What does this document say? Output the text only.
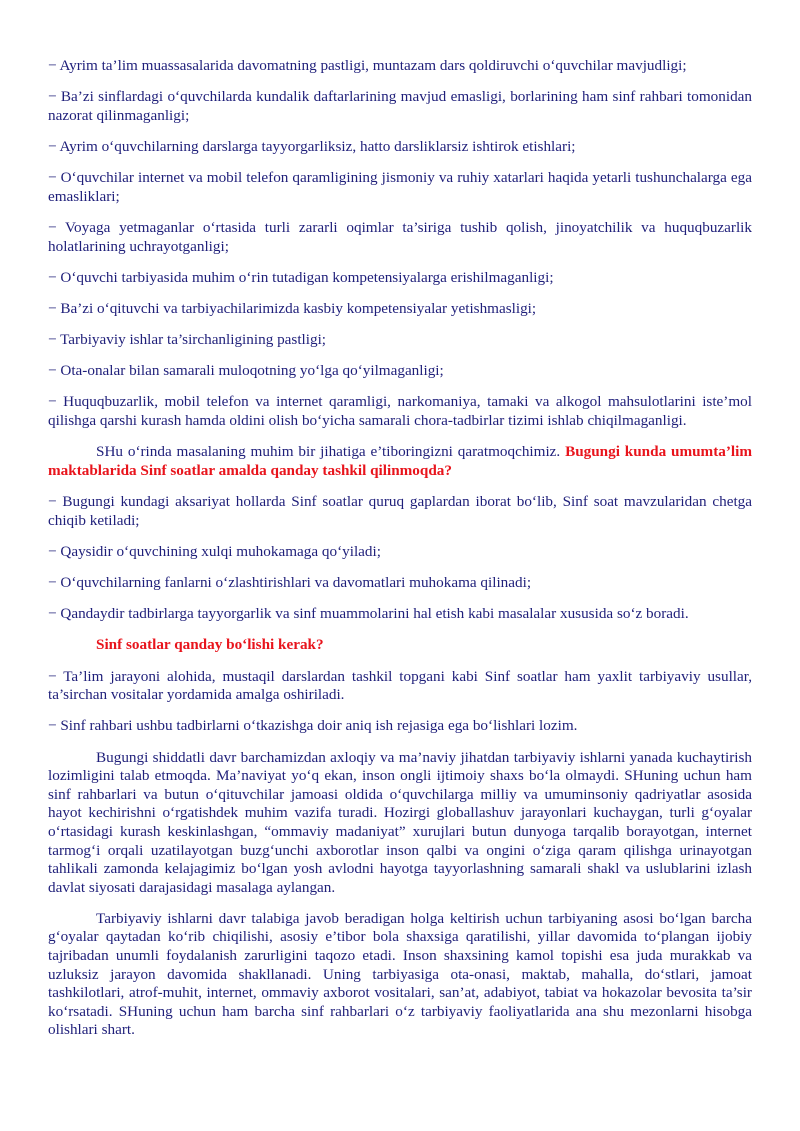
− Ayrim ta’lim muassasalarida davomatning pastligi, muntazam dars qoldiruvchi o‘quvchilar mavjudligi;

− Ba’zi sinflardagi o‘quvchilarda kundalik daftarlarining mavjud emasligi, borlarining ham sinf rahbari tomonidan nazorat qilinmaganligi;

− Ayrim o‘quvchilarning darslarga tayyorgarliksiz, hatto darsliklarsiz ishtirok etishlari;

− O‘quvchilar internet va mobil telefon qaramligining jismoniy va ruhiy xatarlari haqida yetarli tushunchalarga ega emasliklari;

− Voyaga yetmaganlar o‘rtasida turli zararli oqimlar ta’siriga tushib qolish, jinoyatchilik va huquqbuzarlik holatlarining uchrayotganligi;

− O‘quvchi tarbiyasida muhim o‘rin tutadigan kompetensiyalarga erishilmaganligi;

− Ba’zi o‘qituvchi va tarbiyachilarimizda kasbiy kompetensiyalar yetishmasligi;

− Tarbiyaviy ishlar ta’sirchanligining pastligi;

− Ota-onalar bilan samarali muloqotning yo‘lga qo‘yilmaganligi;

− Huquqbuzarlik, mobil telefon va internet qaramligi, narkomaniya, tamaki va alkogol mahsulotlarini iste’mol qilishga qarshi kurash hamda oldini olish bo‘yicha samarali chora-tadbirlar tizimi ishlab chiqilmaganligi.

SHu o‘rinda masalaning muhim bir jihatiga e’tiboringizni qaratmoqchimiz. Bugungi kunda umumta’lim maktablarida Sinf soatlar amalda qanday tashkil qilinmoqda?

− Bugungi kundagi aksariyat hollarda Sinf soatlar quruq gaplardan iborat bo‘lib, Sinf soat mavzularidan chetga chiqib ketiladi;

− Qaysidir o‘quvchining xulqi muhokamaga qo‘yiladi;

− O‘quvchilarning fanlarni o‘zlashtirishlari va davomatlari muhokama qilinadi;

− Qandaydir tadbirlarga tayyorgarlik va sinf muammolarini hal etish kabi masalalar xususida so‘z boradi.

Sinf soatlar qanday bo‘lishi kerak?

− Ta’lim jarayoni alohida, mustaqil darslardan tashkil topgani kabi Sinf soatlar ham yaxlit tarbiyaviy usullar, ta’sirchan vositalar yordamida amalga oshiriladi.

− Sinf rahbari ushbu tadbirlarni o‘tkazishga doir aniq ish rejasiga ega bo‘lishlari lozim.

Bugungi shiddatli davr barchamizdan axloqiy va ma’naviy jihatdan tarbiyaviy ishlarni yanada kuchaytirish lozimligini talab etmoqda. Ma’naviyat yo‘q ekan, inson ongli ijtimoiy shaxs bo‘la olmaydi. SHuning uchun ham sinf rahbarlari va butun o‘qituvchilar jamoasi oldida o‘quvchilarga milliy va umuminsoniy qadriyatlar asosida hayot kechirishni o‘rgatishdek muhim vazifa turadi. Hozirgi globallashuv jarayonlari kuchaygan, turli g‘oyalar o‘rtasidagi kurash keskinlashgan, “ommaviy madaniyat” xurujlari butun dunyoga tarqalib borayotgan, internet tarmog‘i orqali uzatilayotgan buzg‘unchi axborotlar inson qalbi va ongini o‘ziga qaram qilishga urinayotgan tahlikali zamonda kelajagimiz bo‘lgan yosh avlodni hayotga tayyorlashning samarali shakl va uslublarini izlash davlat siyosati darajasidagi masalaga aylangan.

Tarbiyaviy ishlarni davr talabiga javob beradigan holga keltirish uchun tarbiyaning asosi bo‘lgan barcha g‘oyalar qaytadan ko‘rib chiqilishi, asosiy e’tibor bola shaxsiga qaratilishi, yillar davomida to‘plangan ijobiy tajribadan unumli foydalanish zarurligini taqozo etadi. Inson shaxsining kamol topishi esa juda murakkab va uzluksiz jarayon davomida shakllanadi. Uning tarbiyasiga ota-onasi, maktab, mahalla, do‘stlari, jamoat tashkilotlari, atrof-muhit, internet, ommaviy axborot vositalari, san’at, adabiyot, tabiat va hokazolar bevosita ta’sir ko‘rsatadi. SHuning uchun ham barcha sinf rahbarlari o‘z tarbiyaviy faoliyatlarida ana shu mezonlarni hisobga olishlari shart.
